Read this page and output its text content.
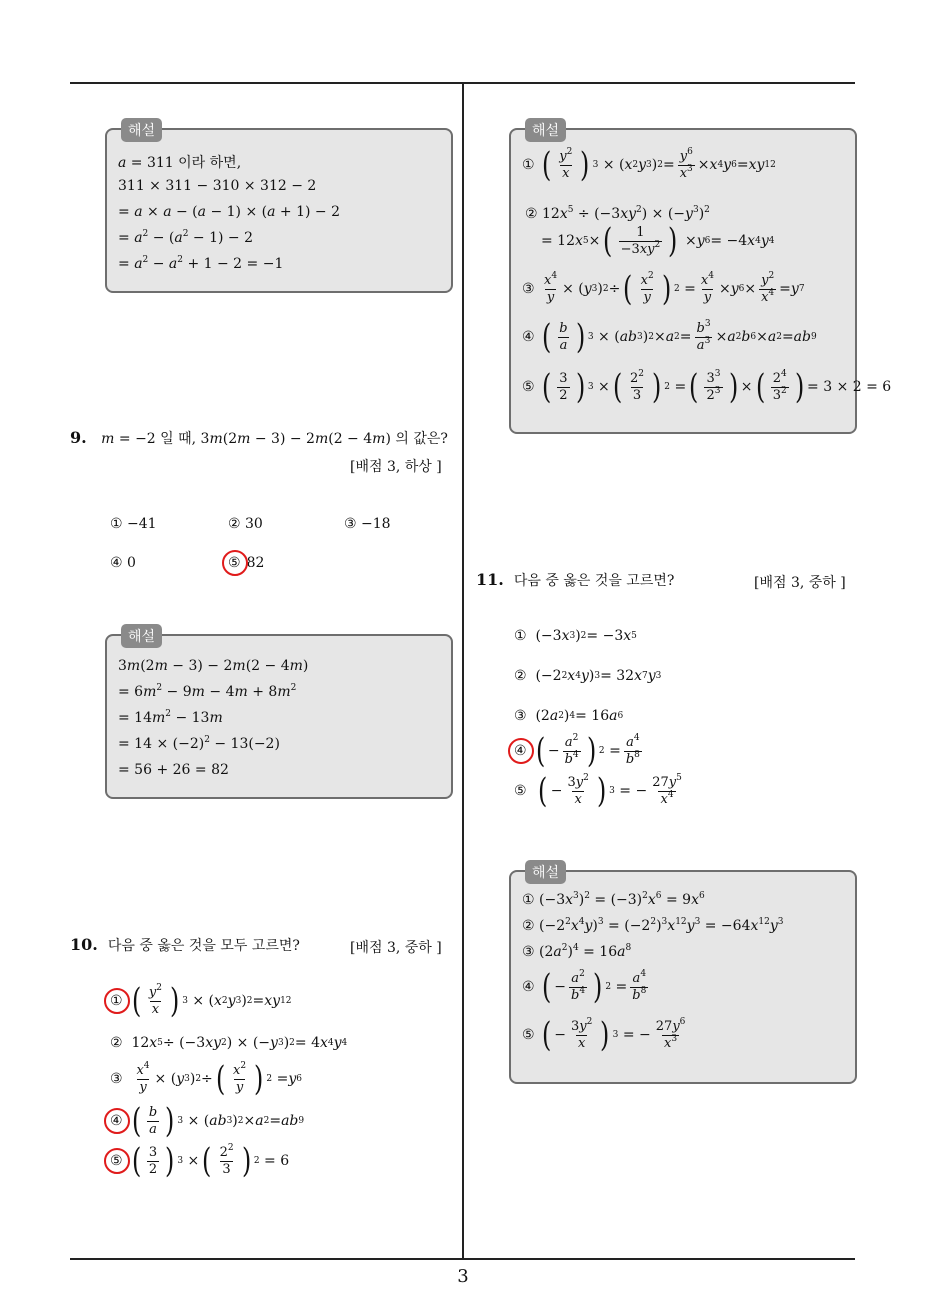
해설
a = 311 이라 하면,
311 × 311 − 310 × 312 − 2
= a × a − (a − 1) × (a + 1) − 2
= $a^2 - (a^2 - 1) - 2$
= $a^2 - a^2 + 1 - 2 = -1$
9. m = −2 일 때, 3m(2m − 3) − 2m(2 − 4m) 의 값은?
[배점 3, 하상 ]
① −41	② 30	③ −18
④ 0	⑤ 82
해설
3m(2m − 3) − 2m(2 − 4m)
= $6m^2 - 9m - 4m + 8m^2$
= $14m^2 - 13m$
= $14 \times (-2)^2 - 13(-2)$
= 56 + 26 = 82
10. 다음 중 옳은 것을 모두 고르면?	[배점 3, 중하 ]
① ( $\frac{y^2}{x}$ ) 3 × ( x 2 y 3 ) 2 = xy 12
②  12 x 5 ÷ (−3 xy 2 ) × (− y 3 ) 2 = 4 x 4 y 4
③ $\frac{x^4}{y}$ × ( y 3 ) 2 ÷ ( $\frac{x^2}{y}$ ) 2 = y 6
④ ( $\frac{b}{a}$ ) 3 × ( ab 3 ) 2 × a 2 = ab 9
⑤ ( $\frac{3}{2}$ ) 3 × ( $\frac{2^2}{3}$ ) 2 = 6
해설
① ( $\frac{y^2}{x}$ ) 3 × ( x 2 y 3 ) $2 = \frac{y^6}{x^3} \times x$ 4 y 6 = xy 12
② $12x^5 \div (-3xy^2) \times (-y^3)^2$
= 12 x 5 × ( $\frac{1}{-3xy^2}$ ) × y 6 = −4 x 4 y 4
③ $\frac{x^4}{y}$ × ( y 3 ) 2 ÷ ( $\frac{x^2}{y}$ ) $2 = \frac{x^4}{y} \times y$ $6 \times \frac{y^2}{x^4} = y$ 7
④ ( $\frac{b}{a}$ ) 3 × ( ab 3 ) 2 × a $2 = \frac{b^3}{a^3} \times a$ 2 b 6 × a 2 = ab 9
⑤ ( $\frac{3}{2}$ ) 3 × ( $\frac{2^2}{3}$ ) 2 = ( $\frac{3^3}{2^3}$ ) × ( $\frac{2^4}{3^2}$ ) = 3 × 2 = 6
11. 다음 중 옳은 것을 고르면?	[배점 3, 중하 ]
①  (−3 x 3 ) 2 = −3 x 5
②  (−2 2 x 4 y ) 3 = 32 x 7 y 3
③  (2 a 2 ) 4 = 16 a 6
④ ( − $\frac{a^2}{b^4}$ ) $2 = \frac{a^4}{b^8}$
⑤ ( − $\frac{3y^2}{x}$ ) 3 = − $\frac{27y^5}{x^4}$
해설
① $(-3x^3)^2 = (-3)^2x^6 = 9x^6$
② $(-2^2x^4y)^3 = (-2^2)^3x^{12}y^3 = -64x^{12}y^3$
③ $(2a^2)^4 = 16a^8$
④ ( − $\frac{a^2}{b^4}$ ) $2 = \frac{a^4}{b^8}$
⑤ ( − $\frac{3y^2}{x}$ ) 3 = − $\frac{27y^6}{x^3}$
3
